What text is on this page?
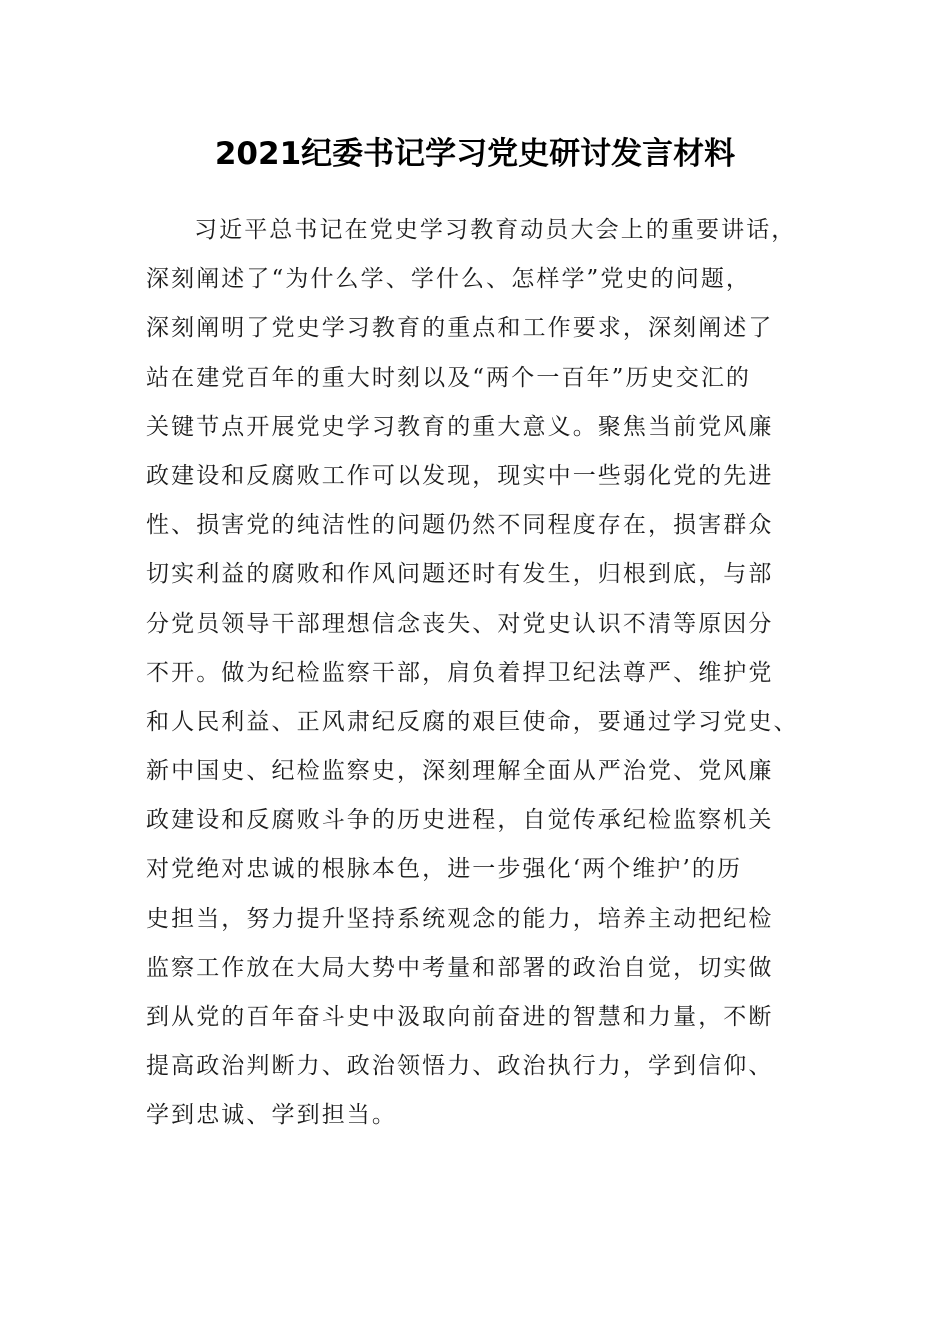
2021纪委书记学习党史研讨发言材料
习近平总书记在党史学习教育动员大会上的重要讲话，
深刻阐述了“为什么学、学什么、怎样学”党史的问题，
深刻阐明了党史学习教育的重点和工作要求，深刻阐述了
站在建党百年的重大时刻以及“两个一百年”历史交汇的
关键节点开展党史学习教育的重大意义。聚焦当前党风廉
政建设和反腐败工作可以发现，现实中一些弱化党的先进
性、损害党的纯洁性的问题仍然不同程度存在，损害群众
切实利益的腐败和作风问题还时有发生，归根到底，与部
分党员领导干部理想信念丧失、对党史认识不清等原因分
不开。做为纪检监察干部，肩负着捍卫纪法尊严、维护党
和人民利益、正风肃纪反腐的艰巨使命，要通过学习党史、
新中国史、纪检监察史，深刻理解全面从严治党、党风廉
政建设和反腐败斗争的历史进程，自觉传承纪检监察机关
对党绝对忠诚的根脉本色，进一步强化‘两个维护’的历
史担当，努力提升坚持系统观念的能力，培养主动把纪检
监察工作放在大局大势中考量和部署的政治自觉，切实做
到从党的百年奋斗史中汲取向前奋进的智慧和力量，不断
提高政治判断力、政治领悟力、政治执行力，学到信仰、
学到忠诚、学到担当。
